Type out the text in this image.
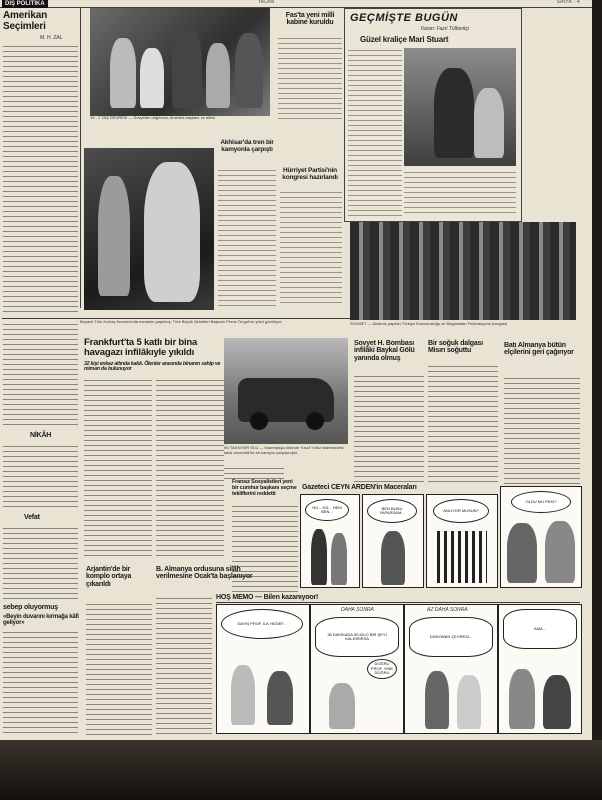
YALAN	SAYFA : 4
DIŞ POLİTİKA
Amerikan Seçimleri
M. H. ZAL
16 - 2 TAŞ DEVRESİ — Sovyetler dağılınca, Amerika başkanı ve ailesi
Fas'ta yeni milli kabine kuruldu
Akhisar'da tren bir kamyonla çarpıştı
Hürriyet Partisi'nin kongresi hazırlandı
GEÇMİŞTE BUGÜN
Yazan: Fazıl Tülbentçi
Güzel kraliçe Mari Stuart
SİYASET — Akdeniz yapılan Türkiye Konsolosluğu ve Bulgaristan Federasyonu kongresi
Beyazıt Türk Kızılay Kurumu'nda merasim yapılmış; Türk Büyük Şirketleri Başkanı Prens Turgut'un yüzü görülüyor.
NİKÂH
Vefat
sebep oluyormuş
«Beyin duvarını kırmağa kâfi geliyor»
Frankfurt'ta 5 katlı bir bina havagazı infilâkıyle yıkıldı
32 kişi enkaz altında kaldı. Ölenler arasında binanın sahip ve mimarı da bulunuyor
İKİ TAKSİ BİR ÖLÜ — Kasımpaşa önünde Yusuf Yıldız idaresindeki taksi otomobili ile bir kamyon çarpışmıştır.
Sovyet H. Bombası infilâki Baykal Gölü yanında olmuş
Bir soğuk dalgası Misırı soğuttu
Batı Almanya bütün elçilerini geri çağırıyor
Fransız Sosyalistleri yeni bir cumhur başkanı seçme tekliflerini reddetti
Gazeteci CEYN ARDEN'in Maceraları
HÜ... HÜ... HEM BEN...
BEN BUNU YAPARSAM...	ANLIYOR MUSUN?
OLDU MU PEKİ?
Arjantin'de bir komplo ortaya çıkarıldı
B. Almanya ordusuna silâh verilmesine Ocak'ta başlanıyor
HOŞ MEMO — Bilen kazanıyoor!
SAYIN PROF. İLK HEDEF...
DAHA SONRA
36 DAKİKADA 50 KİLO BİR ŞEYİ KALDIRIRSA
DOĞRU PROF. YİNE DOĞRU
AZ DAHA SONRA
DÜNYANIN ÇEVRESİ...
AMA...
